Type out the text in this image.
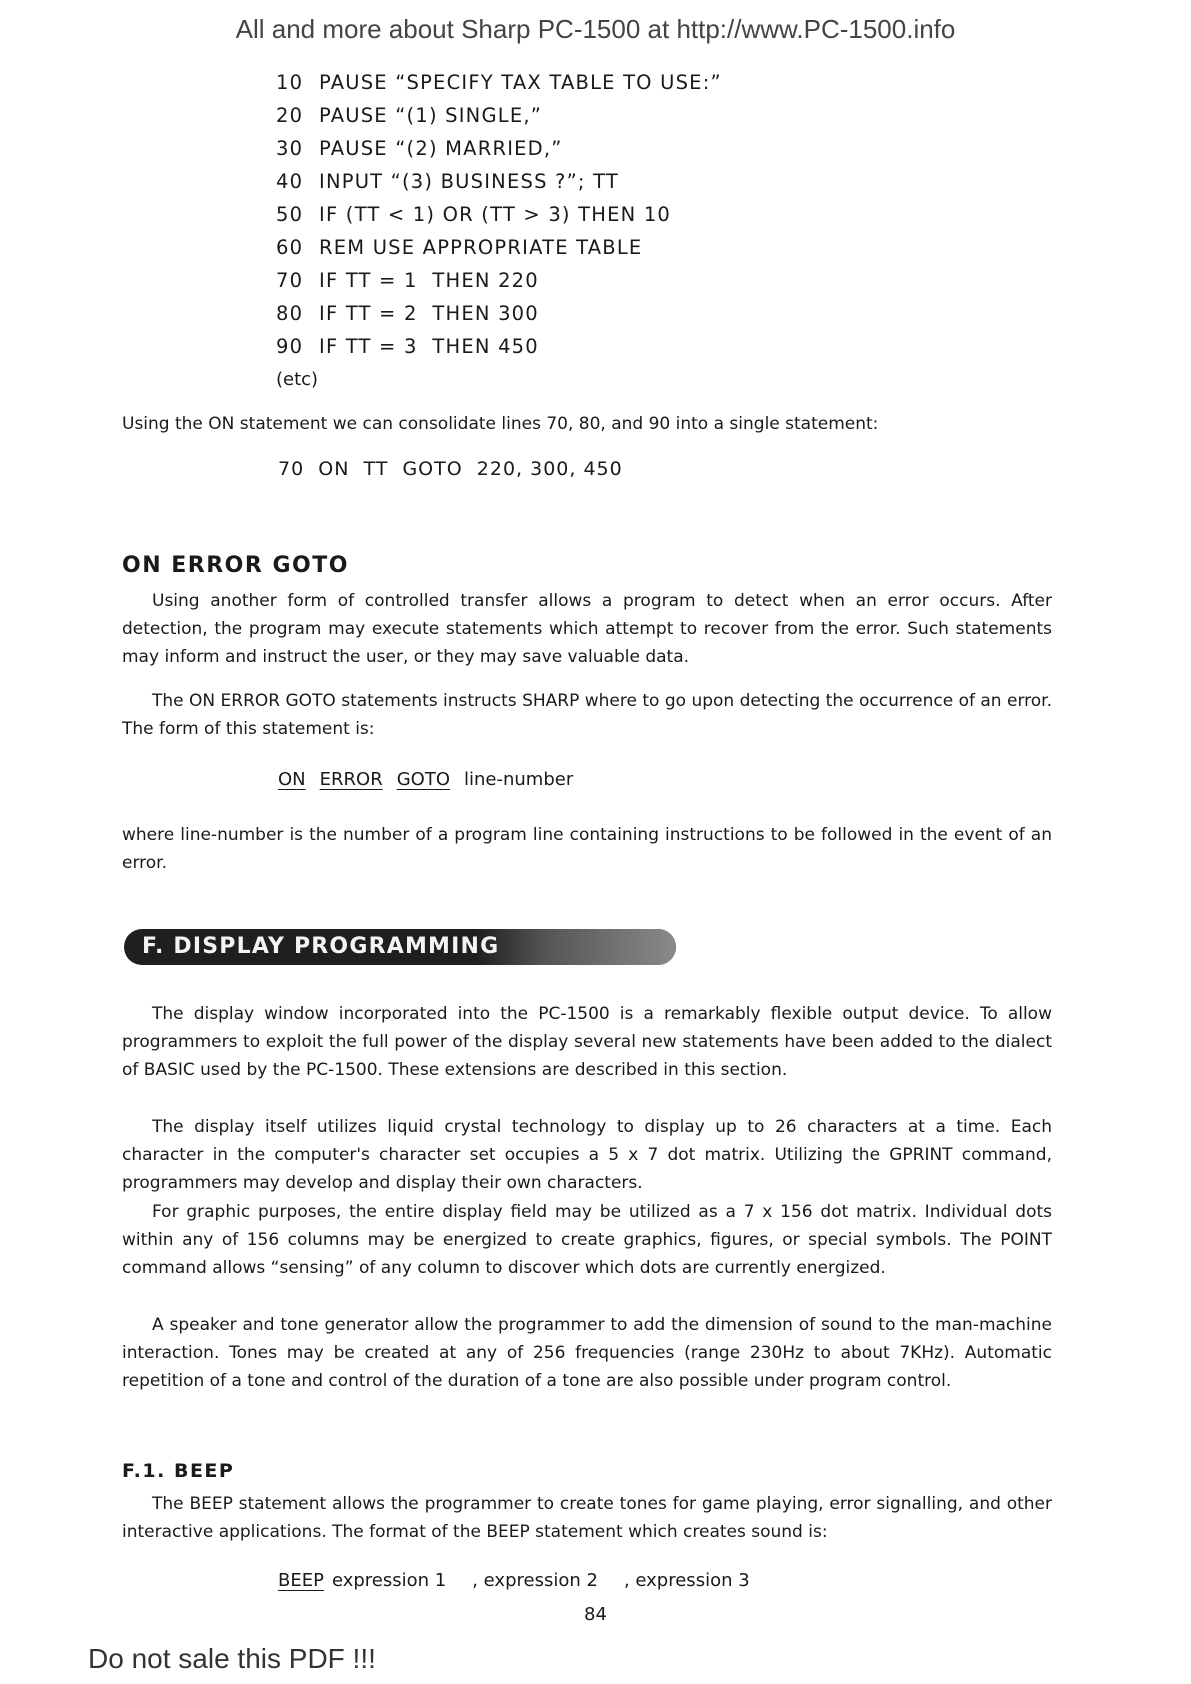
All and more about Sharp PC-1500 at http://www.PC-1500.info
10 PAUSE “SPECIFY TAX TABLE TO USE:”
20 PAUSE “(1) SINGLE,”
30 PAUSE “(2) MARRIED,”
40 INPUT “(3) BUSINESS ?”; TT
50 IF (TT < 1) OR (TT > 3) THEN 10
60 REM USE APPROPRIATE TABLE
70 IF TT = 1  THEN 220
80 IF TT = 2  THEN 300
90 IF TT = 3  THEN 450
(etc)
Using the ON statement we can consolidate lines 70, 80, and 90 into a single statement:
70  ON  TT  GOTO  220, 300, 450
ON ERROR GOTO
Using another form of controlled transfer allows a program to detect when an error occurs. After detection, the program may execute statements which attempt to recover from the error. Such statements may inform and instruct the user, or they may save valuable data.
The ON ERROR GOTO statements instructs SHARP where to go upon detecting the occurrence of an error. The form of this statement is:
ON ERROR GOTO line-number
where line-number is the number of a program line containing instructions to be followed in the event of an error.
F. DISPLAY PROGRAMMING
The display window incorporated into the PC-1500 is a remarkably flexible output device. To allow programmers to exploit the full power of the display several new statements have been added to the dialect of BASIC used by the PC-1500. These extensions are described in this section.
The display itself utilizes liquid crystal technology to display up to 26 characters at a time. Each character in the computer's character set occupies a 5 x 7 dot matrix. Utilizing the GPRINT command, programmers may develop and display their own characters.
For graphic purposes, the entire display field may be utilized as a 7 x 156 dot matrix. Individual dots within any of 156 columns may be energized to create graphics, figures, or special symbols. The POINT command allows “sensing” of any column to discover which dots are currently energized.
A speaker and tone generator allow the programmer to add the dimension of sound to the man-machine interaction. Tones may be created at any of 256 frequencies (range 230Hz to about 7KHz). Automatic repetition of a tone and control of the duration of a tone are also possible under program control.
F.1. BEEP
The BEEP statement allows the programmer to create tones for game playing, error signalling, and other interactive applications. The format of the BEEP statement which creates sound is:
BEEP expression 1 , expression 2 , expression 3
84
Do not sale this PDF !!!
